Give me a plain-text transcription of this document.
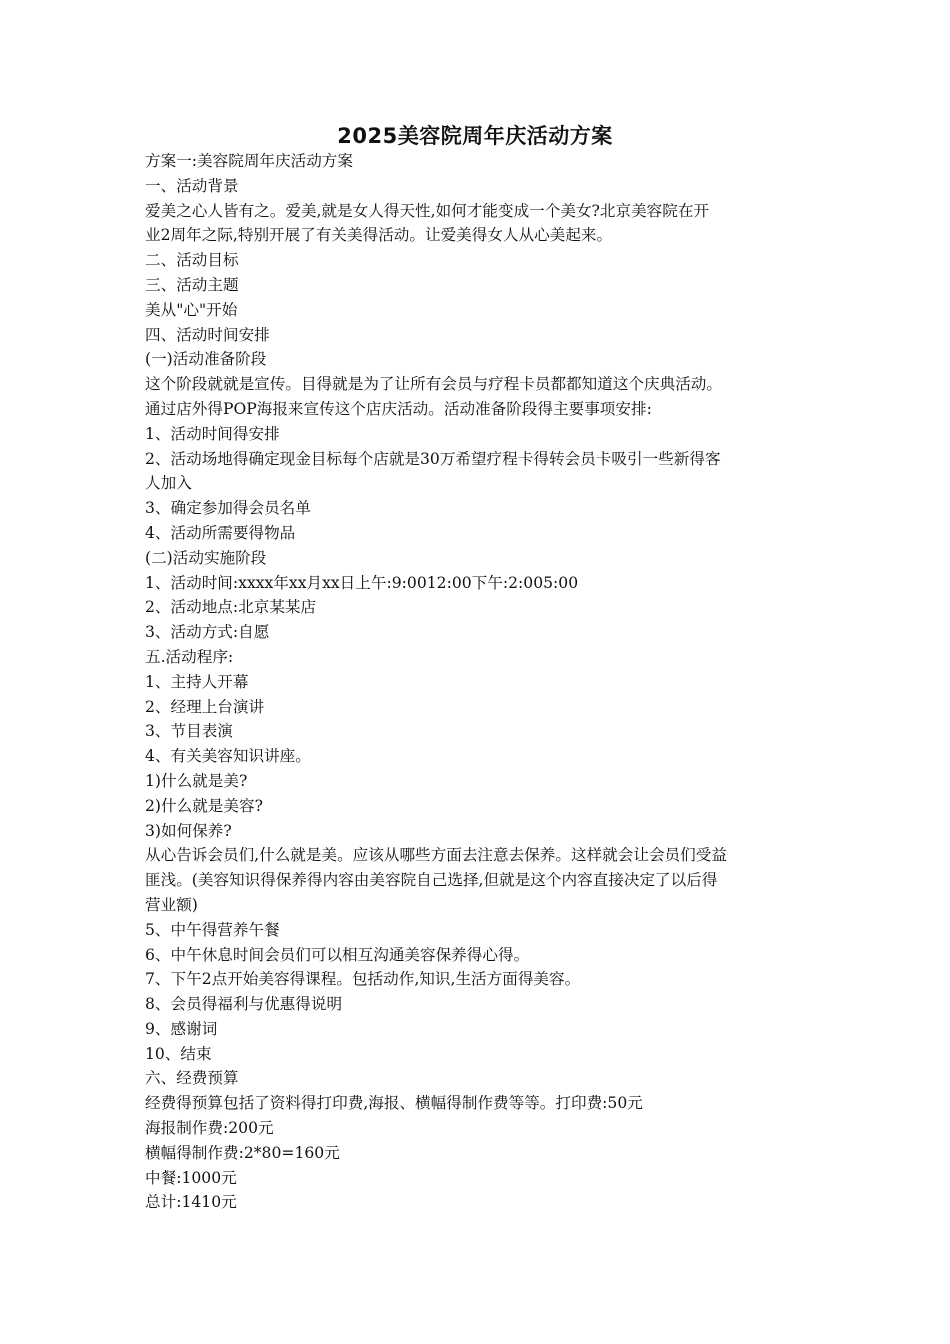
2025美容院周年庆活动方案
方案一:美容院周年庆活动方案
一、活动背景
爱美之心人皆有之。爱美,就是女人得天性,如何才能变成一个美女?北京美容院在开
业2周年之际,特别开展了有关美得活动。让爱美得女人从心美起来。
二、活动目标
三、活动主题
美从"心"开始
四、活动时间安排
(一)活动准备阶段
这个阶段就就是宣传。目得就是为了让所有会员与疗程卡员都都知道这个庆典活动。
通过店外得POP海报来宣传这个店庆活动。活动准备阶段得主要事项安排:
1、活动时间得安排
2、活动场地得确定现金目标每个店就是30万希望疗程卡得转会员卡吸引一些新得客
人加入
3、确定参加得会员名单
4、活动所需要得物品
(二)活动实施阶段
1、活动时间:xxxx年xx月xx日上午:9:0012:00下午:2:005:00
2、活动地点:北京某某店
3、活动方式:自愿
五.活动程序:
1、主持人开幕
2、经理上台演讲
3、节目表演
4、有关美容知识讲座。
1)什么就是美?
2)什么就是美容?
3)如何保养?
从心告诉会员们,什么就是美。应该从哪些方面去注意去保养。这样就会让会员们受益
匪浅。(美容知识得保养得内容由美容院自己选择,但就是这个内容直接决定了以后得
营业额)
5、中午得营养午餐
6、中午休息时间会员们可以相互沟通美容保养得心得。
7、下午2点开始美容得课程。包括动作,知识,生活方面得美容。
8、会员得福利与优惠得说明
9、感谢词
10、结束
六、经费预算
经费得预算包括了资料得打印费,海报、横幅得制作费等等。打印费:50元
海报制作费:200元
横幅得制作费:2*80=160元
中餐:1000元
总计:1410元
